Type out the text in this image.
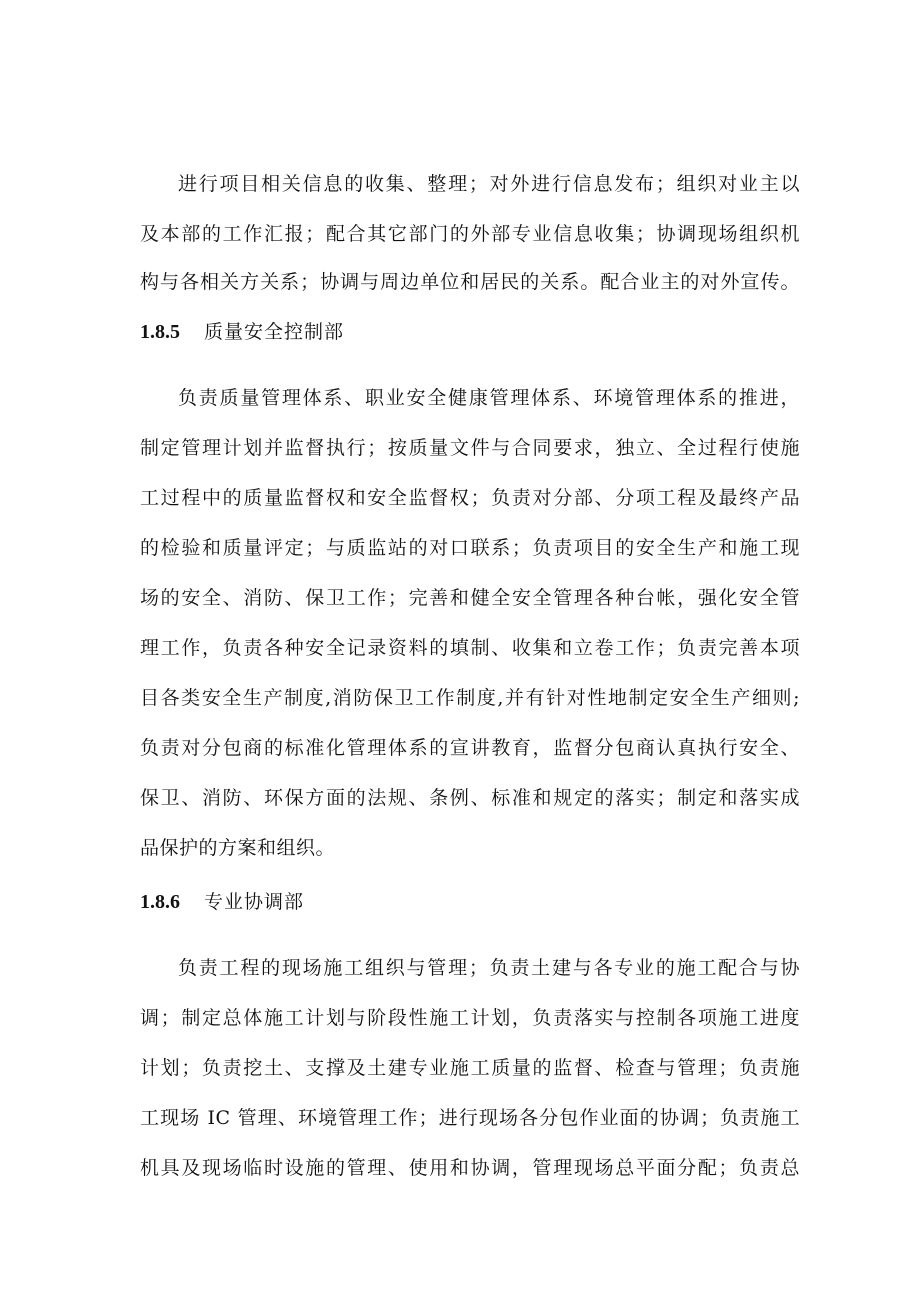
进行项目相关信息的收集、整理；对外进行信息发布；组织对业主以
及本部的工作汇报；配合其它部门的外部专业信息收集；协调现场组织机
构与各相关方关系；协调与周边单位和居民的关系。配合业主的对外宣传。
1.8.5	质量安全控制部
负责质量管理体系、职业安全健康管理体系、环境管理体系的推进，
制定管理计划并监督执行；按质量文件与合同要求，独立、全过程行使施
工过程中的质量监督权和安全监督权；负责对分部、分项工程及最终产品
的检验和质量评定；与质监站的对口联系；负责项目的安全生产和施工现
场的安全、消防、保卫工作；完善和健全安全管理各种台帐，强化安全管
理工作，负责各种安全记录资料的填制、收集和立卷工作；负责完善本项
目各类安全生产制度,消防保卫工作制度,并有针对性地制定安全生产细则;
负责对分包商的标准化管理体系的宣讲教育，监督分包商认真执行安全、
保卫、消防、环保方面的法规、条例、标准和规定的落实；制定和落实成
品保护的方案和组织。
1.8.6	专业协调部
负责工程的现场施工组织与管理；负责土建与各专业的施工配合与协
调；制定总体施工计划与阶段性施工计划，负责落实与控制各项施工进度
计划；负责挖土、支撑及土建专业施工质量的监督、检查与管理；负责施
工现场 IC 管理、环境管理工作；进行现场各分包作业面的协调；负责施工
机具及现场临时设施的管理、使用和协调，管理现场总平面分配；负责总
